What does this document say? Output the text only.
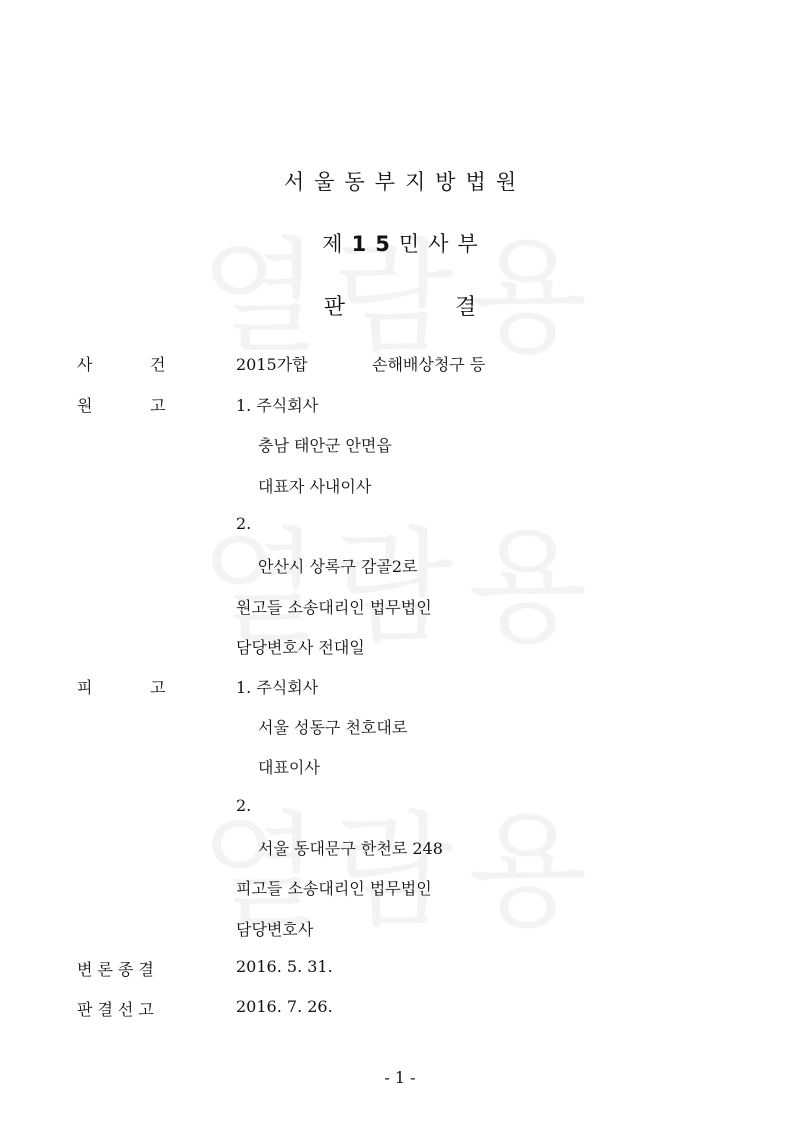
서울동부지방법원
제15민사부
판	결
사	건	2015가합	손해배상청구 등
원	고	1. 주식회사
충남 태안군 안면읍
대표자 사내이사
2.
안산시 상록구 감골2로
원고들 소송대리인 법무법인
담당변호사 전대일
피	고	1. 주식회사
서울 성동구 천호대로
대표이사
2.
서울 동대문구 한천로 248
피고들 소송대리인 법무법인
담당변호사
변론종결	2016. 5. 31.
판결선고	2016. 7. 26.
- 1 -
